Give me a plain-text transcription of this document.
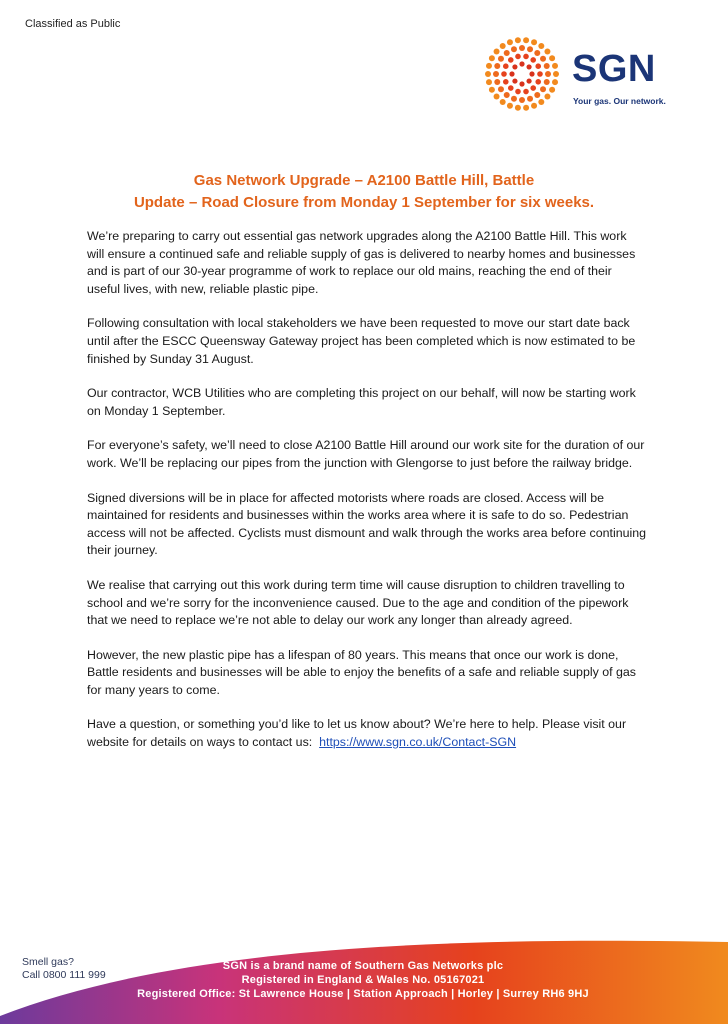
Classified as Public
SGN
Your gas. Our network.
Gas Network Upgrade – A2100 Battle Hill, Battle
Update – Road Closure from Monday 1 September for six weeks.

We’re preparing to carry out essential gas network upgrades along the A2100 Battle Hill. This work will ensure a continued safe and reliable supply of gas is delivered to nearby homes and businesses and is part of our 30-year programme of work to replace our old mains, reaching the end of their useful lives, with new, reliable plastic pipe.

Following consultation with local stakeholders we have been requested to move our start date back until after the ESCC Queensway Gateway project has been completed which is now estimated to be finished by Sunday 31 August.

Our contractor, WCB Utilities who are completing this project on our behalf, will now be starting work on Monday 1 September.

For everyone’s safety, we’ll need to close A2100 Battle Hill around our work site for the duration of our work. We’ll be replacing our pipes from the junction with Glengorse to just before the railway bridge.

Signed diversions will be in place for affected motorists where roads are closed. Access will be maintained for residents and businesses within the works area where it is safe to do so. Pedestrian access will not be affected. Cyclists must dismount and walk through the works area before continuing their journey.

We realise that carrying out this work during term time will cause disruption to children travelling to school and we’re sorry for the inconvenience caused. Due to the age and condition of the pipework that we need to replace we’re not able to delay our work any longer than already agreed.

However, the new plastic pipe has a lifespan of 80 years. This means that once our work is done, Battle residents and businesses will be able to enjoy the benefits of a safe and reliable supply of gas for many years to come.

Have a question, or something you’d like to let us know about? We’re here to help. Please visit our website for details on ways to contact us: https://www.sgn.co.uk/Contact-SGN

Smell gas?
Call 0800 111 999
SGN is a brand name of Southern Gas Networks plc
Registered in England & Wales No. 05167021
Registered Office: St Lawrence House | Station Approach | Horley | Surrey RH6 9HJ
